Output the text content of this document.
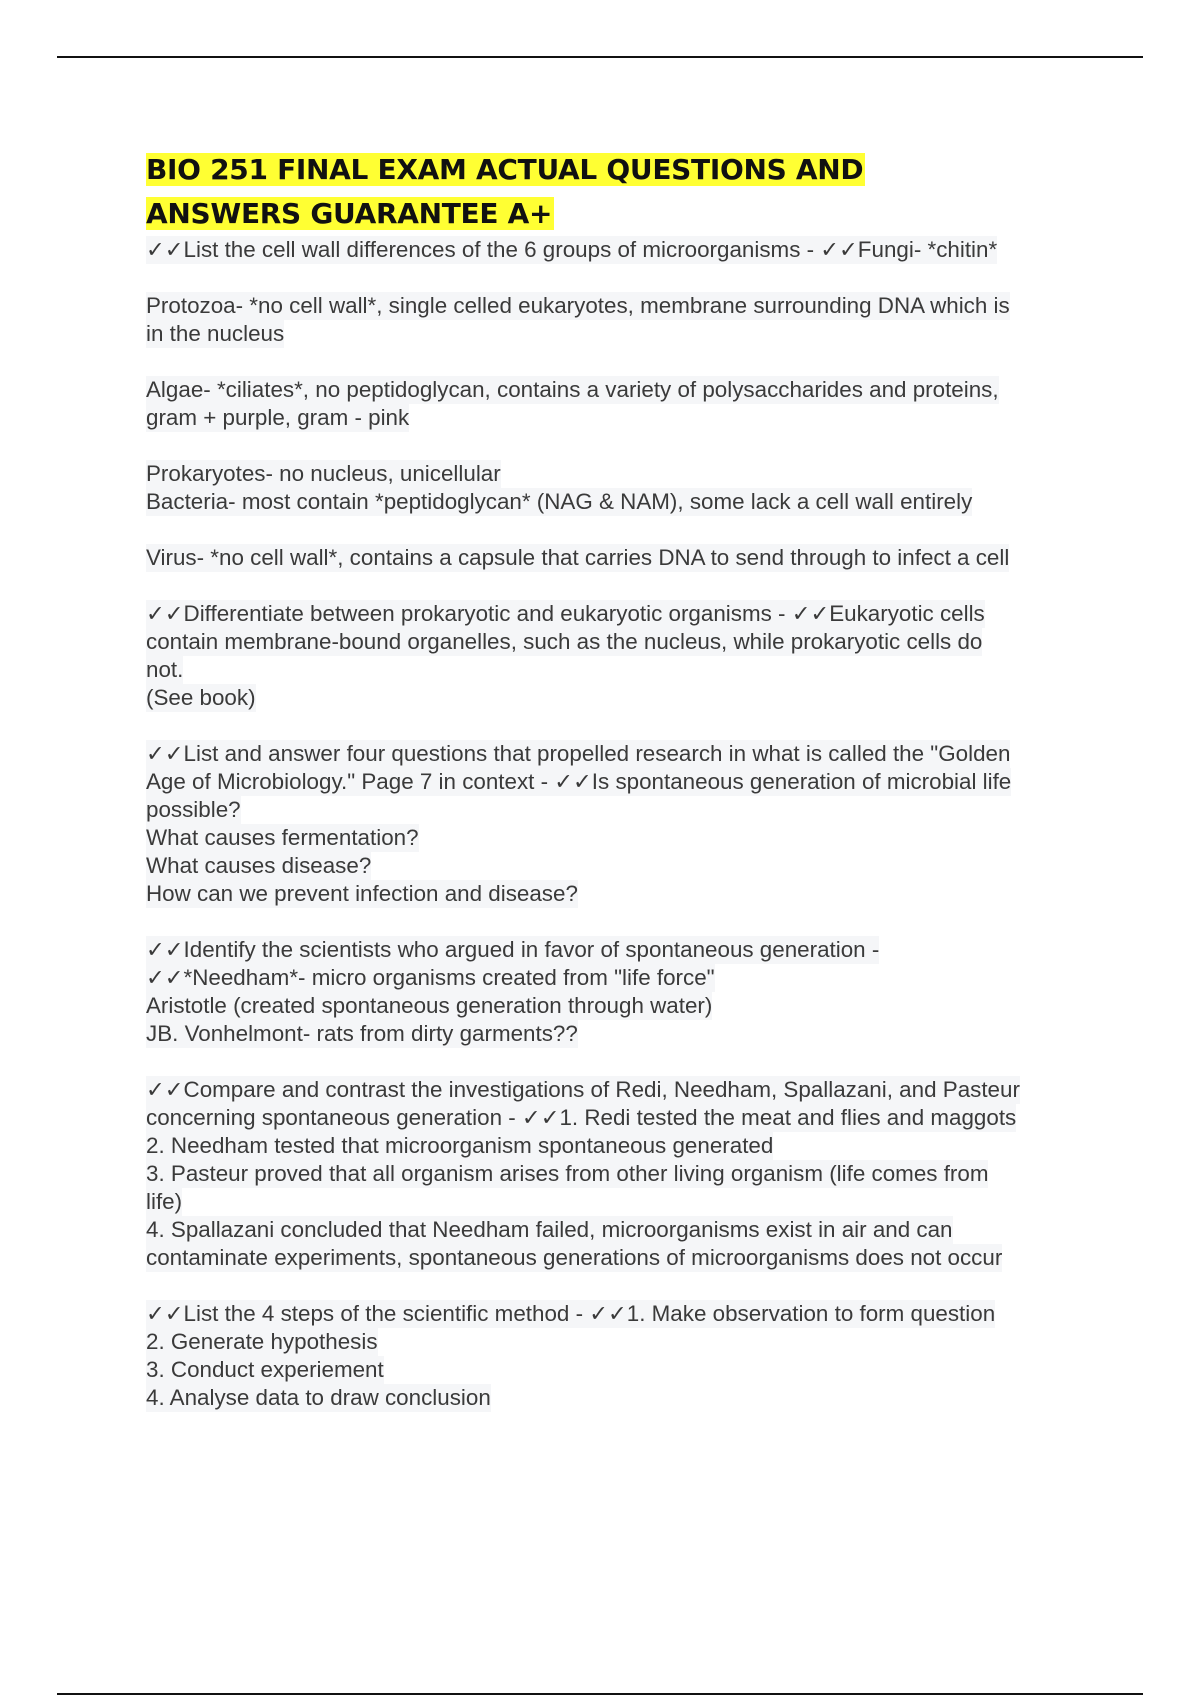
BIO 251 FINAL EXAM ACTUAL QUESTIONS AND
ANSWERS GUARANTEE A+
✓✓List the cell wall differences of the 6 groups of microorganisms - ✓✓Fungi- *chitin*
Protozoa- *no cell wall*, single celled eukaryotes, membrane surrounding DNA which is
in the nucleus
Algae- *ciliates*, no peptidoglycan, contains a variety of polysaccharides and proteins,
gram + purple, gram - pink
Prokaryotes- no nucleus, unicellular
Bacteria- most contain *peptidoglycan* (NAG & NAM), some lack a cell wall entirely
Virus- *no cell wall*, contains a capsule that carries DNA to send through to infect a cell
✓✓Differentiate between prokaryotic and eukaryotic organisms - ✓✓Eukaryotic cells
contain membrane-bound organelles, such as the nucleus, while prokaryotic cells do
not.
(See book)
✓✓List and answer four questions that propelled research in what is called the "Golden
Age of Microbiology." Page 7 in context - ✓✓Is spontaneous generation of microbial life
possible?
What causes fermentation?
What causes disease?
How can we prevent infection and disease?
✓✓Identify the scientists who argued in favor of spontaneous generation -
✓✓*Needham*- micro organisms created from "life force"
Aristotle (created spontaneous generation through water)
JB. Vonhelmont- rats from dirty garments??
✓✓Compare and contrast the investigations of Redi, Needham, Spallazani, and Pasteur
concerning spontaneous generation - ✓✓1. Redi tested the meat and flies and maggots
2. Needham tested that microorganism spontaneous generated
3. Pasteur proved that all organism arises from other living organism (life comes from
life)
4. Spallazani concluded that Needham failed, microorganisms exist in air and can
contaminate experiments, spontaneous generations of microorganisms does not occur
✓✓List the 4 steps of the scientific method - ✓✓1. Make observation to form question
2. Generate hypothesis
3. Conduct experiement
4. Analyse data to draw conclusion
